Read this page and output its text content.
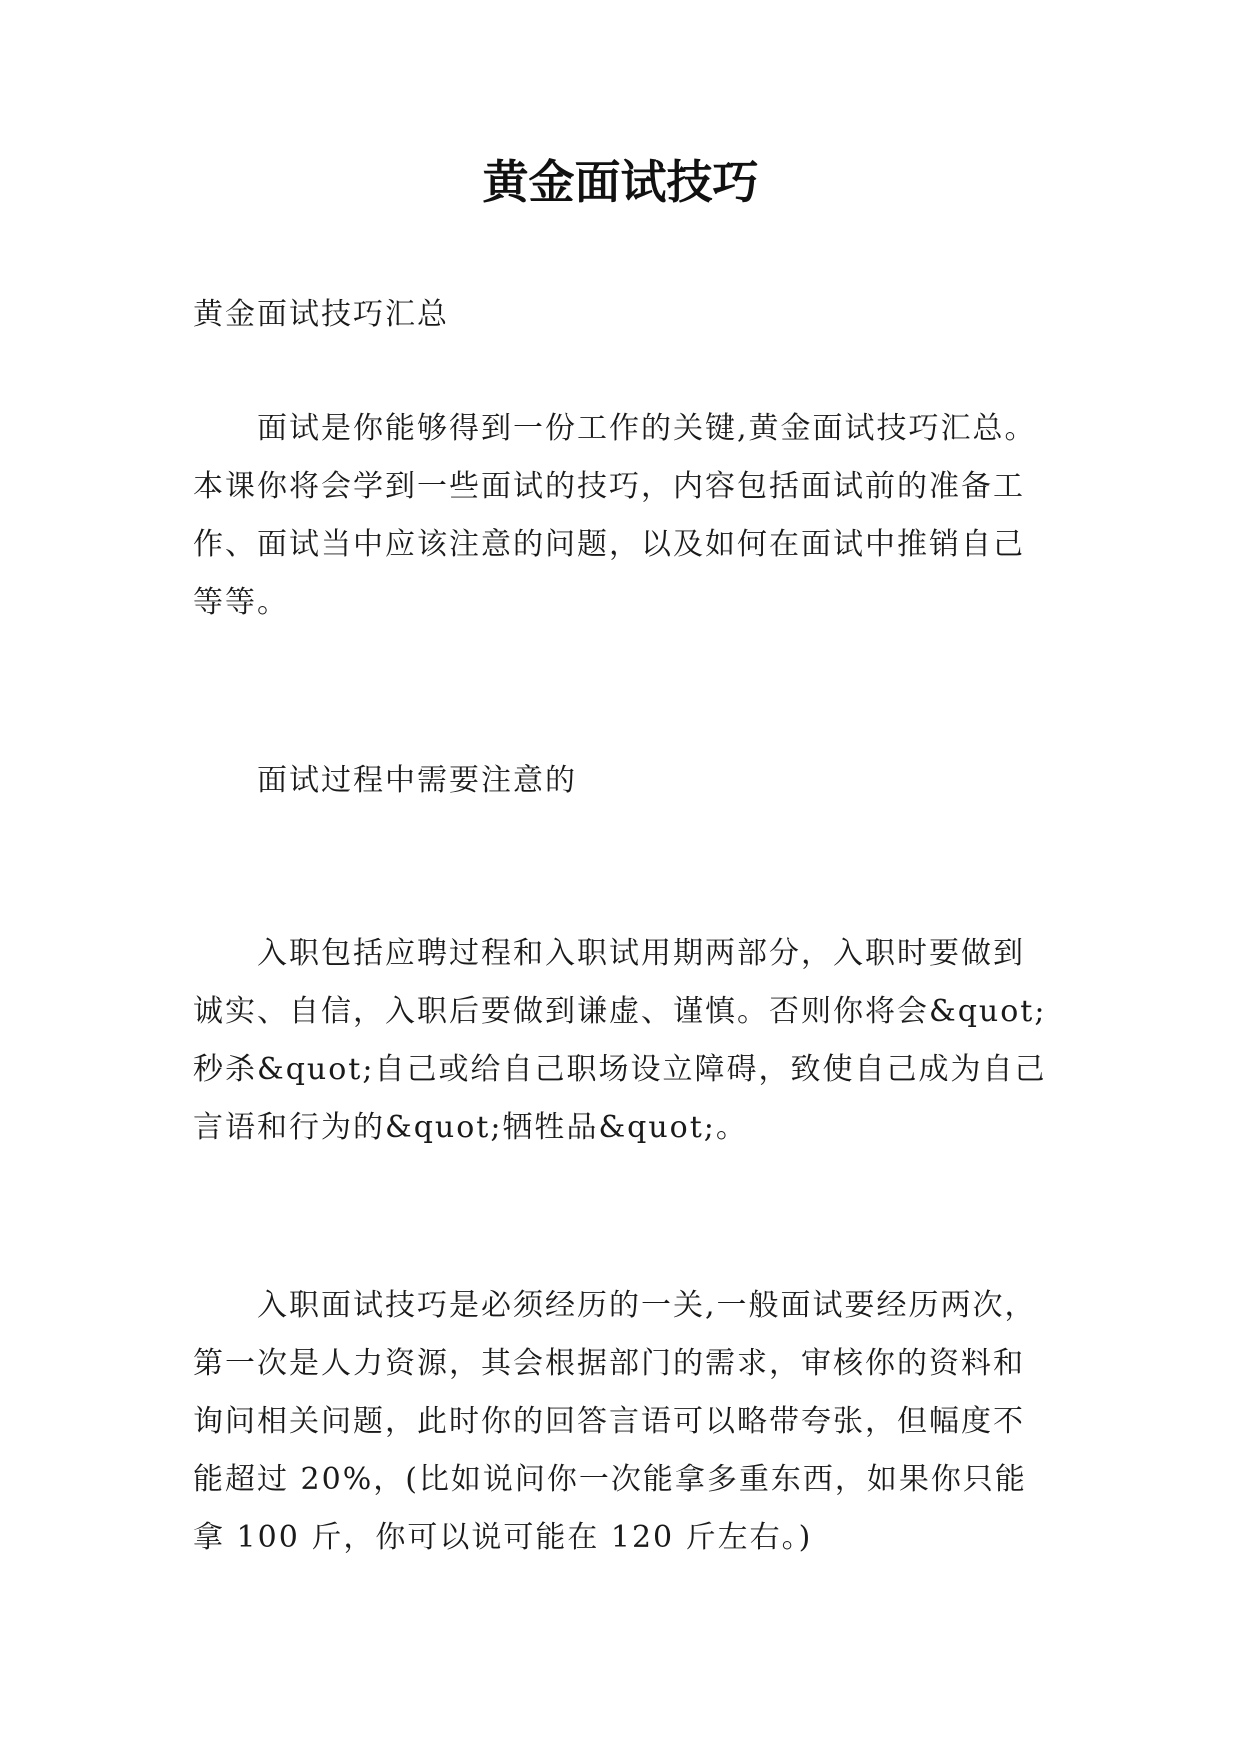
黄金面试技巧

黄金面试技巧汇总

面试是你能够得到一份工作的关键,黄金面试技巧汇总。本课你将会学到一些面试的技巧，内容包括面试前的准备工作、面试当中应该注意的问题，以及如何在面试中推销自己等等。

面试过程中需要注意的

入职包括应聘过程和入职试用期两部分，入职时要做到诚实、自信，入职后要做到谦虚、谨慎。否则你将会&quot;秒杀&quot;自己或给自己职场设立障碍，致使自己成为自己言语和行为的&quot;牺牲品&quot;。

入职面试技巧是必须经历的一关,一般面试要经历两次，第一次是人力资源，其会根据部门的需求，审核你的资料和询问相关问题，此时你的回答言语可以略带夸张，但幅度不能超过 20%，(比如说问你一次能拿多重东西，如果你只能拿 100 斤，你可以说可能在 120 斤左右。)
